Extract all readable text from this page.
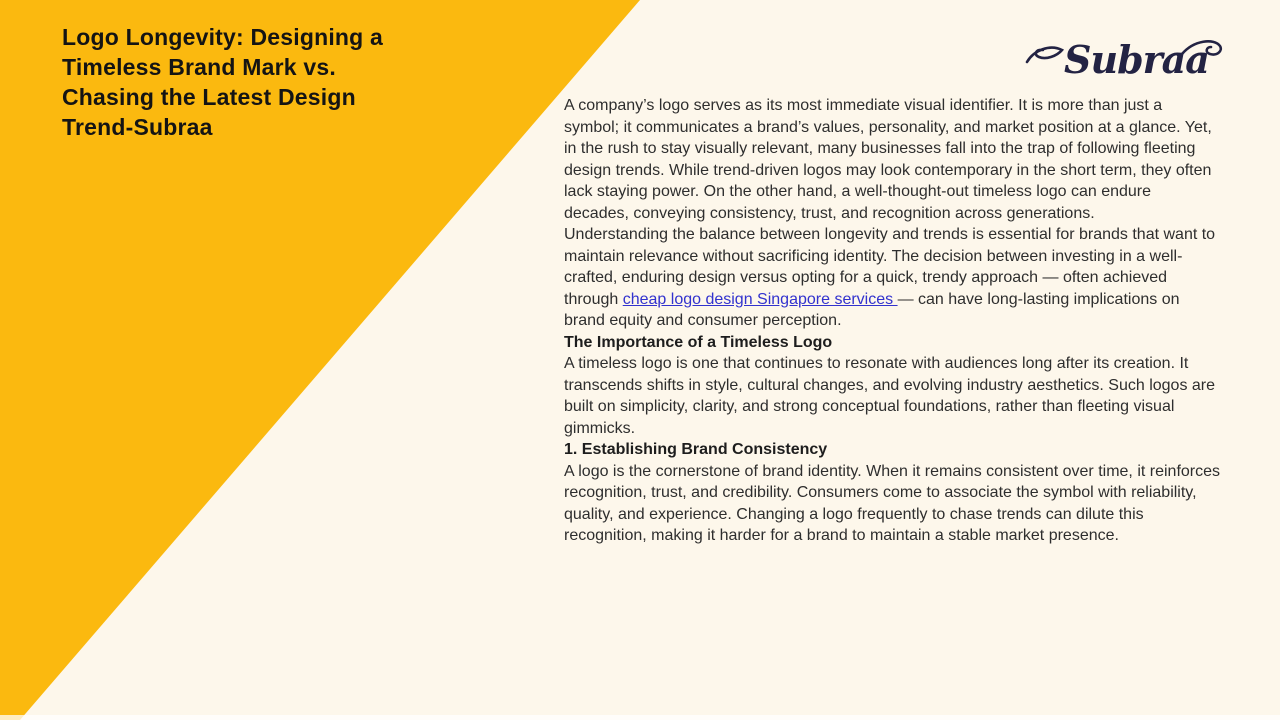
Logo Longevity: Designing a
Timeless Brand Mark vs.
Chasing the Latest Design
Trend-Subraa
Subraa

A company’s logo serves as its most immediate visual identifier. It is more than just a symbol; it communicates a brand’s values, personality, and market position at a glance. Yet, in the rush to stay visually relevant, many businesses fall into the trap of following fleeting design trends. While trend-driven logos may look contemporary in the short term, they often lack staying power. On the other hand, a well-thought-out timeless logo can endure decades, conveying consistency, trust, and recognition across generations.

Understanding the balance between longevity and trends is essential for brands that want to maintain relevance without sacrificing identity. The decision between investing in a well-crafted, enduring design versus opting for a quick, trendy approach — often achieved through cheap logo design Singapore services — can have long-lasting implications on brand equity and consumer perception.

The Importance of a Timeless Logo

A timeless logo is one that continues to resonate with audiences long after its creation. It transcends shifts in style, cultural changes, and evolving industry aesthetics. Such logos are built on simplicity, clarity, and strong conceptual foundations, rather than fleeting visual gimmicks.

1. Establishing Brand Consistency

A logo is the cornerstone of brand identity. When it remains consistent over time, it reinforces recognition, trust, and credibility. Consumers come to associate the symbol with reliability, quality, and experience. Changing a logo frequently to chase trends can dilute this recognition, making it harder for a brand to maintain a stable market presence.
